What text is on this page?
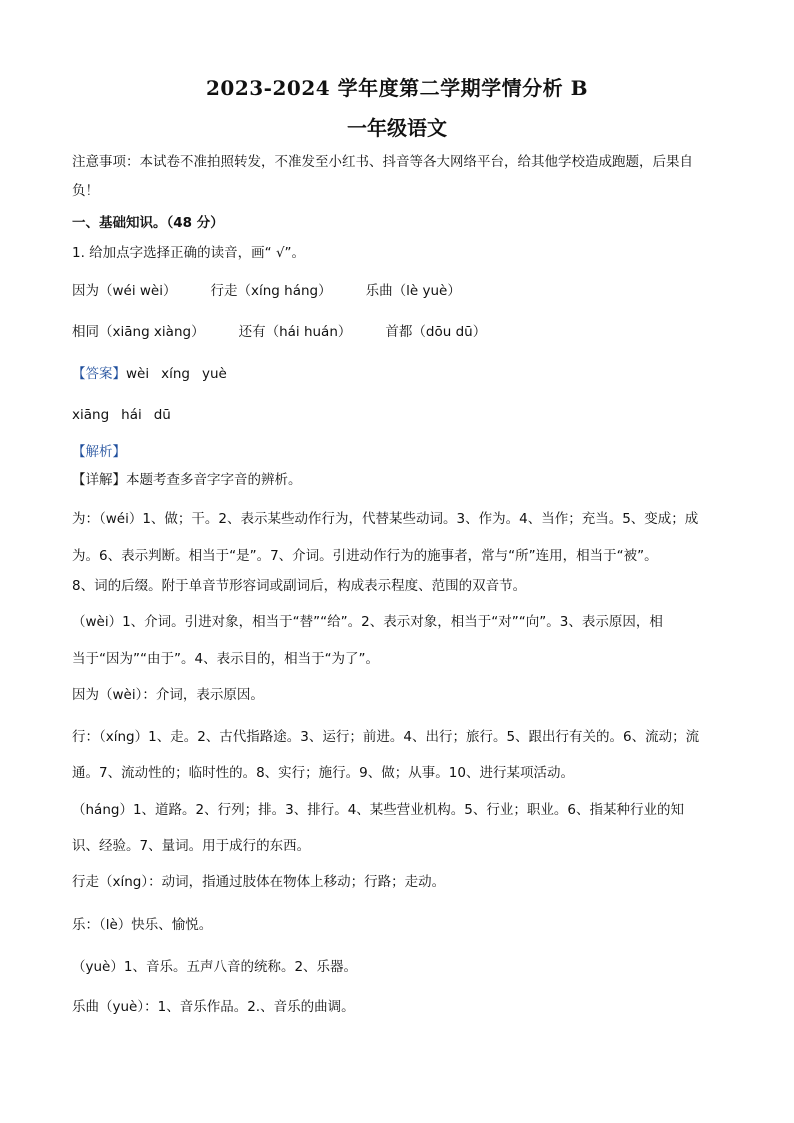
2023-2024 学年度第二学期学情分析 B
一年级语文
注意事项：本试卷不准拍照转发，不准发至小红书、抖音等各大网络平台，给其他学校造成跑题，后果自
负！
一、基础知识。（48 分）
1. 给加点字选择正确的读音，画“ √”。
因为（wéi wèi）	行走（xíng háng）	乐曲（lè yuè）
相同（xiāng xiàng）	还有（hái huán）	首都（dōu dū）
【答案】wèi xíng yuè
xiāng hái dū
【解析】
【详解】本题考查多音字字音的辨析。
为：（wéi）1、做；干。2、表示某些动作行为，代替某些动词。3、作为。4、当作；充当。5、变成；成
为。6、表示判断。相当于“是”。7、介词。引进动作行为的施事者，常与“所”连用，相当于“被”。
8、词的后缀。附于单音节形容词或副词后，构成表示程度、范围的双音节。
（wèi）1、介词。引进对象，相当于“替”“给”。2、表示对象，相当于“对”“向”。3、表示原因，相
当于“因为”“由于”。4、表示目的，相当于“为了”。
因为（wèi）：介词，表示原因。
行：（xíng）1、走。2、古代指路途。3、运行；前进。4、出行；旅行。5、跟出行有关的。6、流动；流
通。7、流动性的；临时性的。8、实行；施行。9、做；从事。10、进行某项活动。
（háng）1、道路。2、行列；排。3、排行。4、某些营业机构。5、行业；职业。6、指某种行业的知
识、经验。7、量词。用于成行的东西。
行走（xíng）：动词，指通过肢体在物体上移动；行路；走动。
乐：（lè）快乐、愉悦。
（yuè）1、音乐。五声八音的统称。2、乐器。
乐曲（yuè）：1、音乐作品。2.、音乐的曲调。
